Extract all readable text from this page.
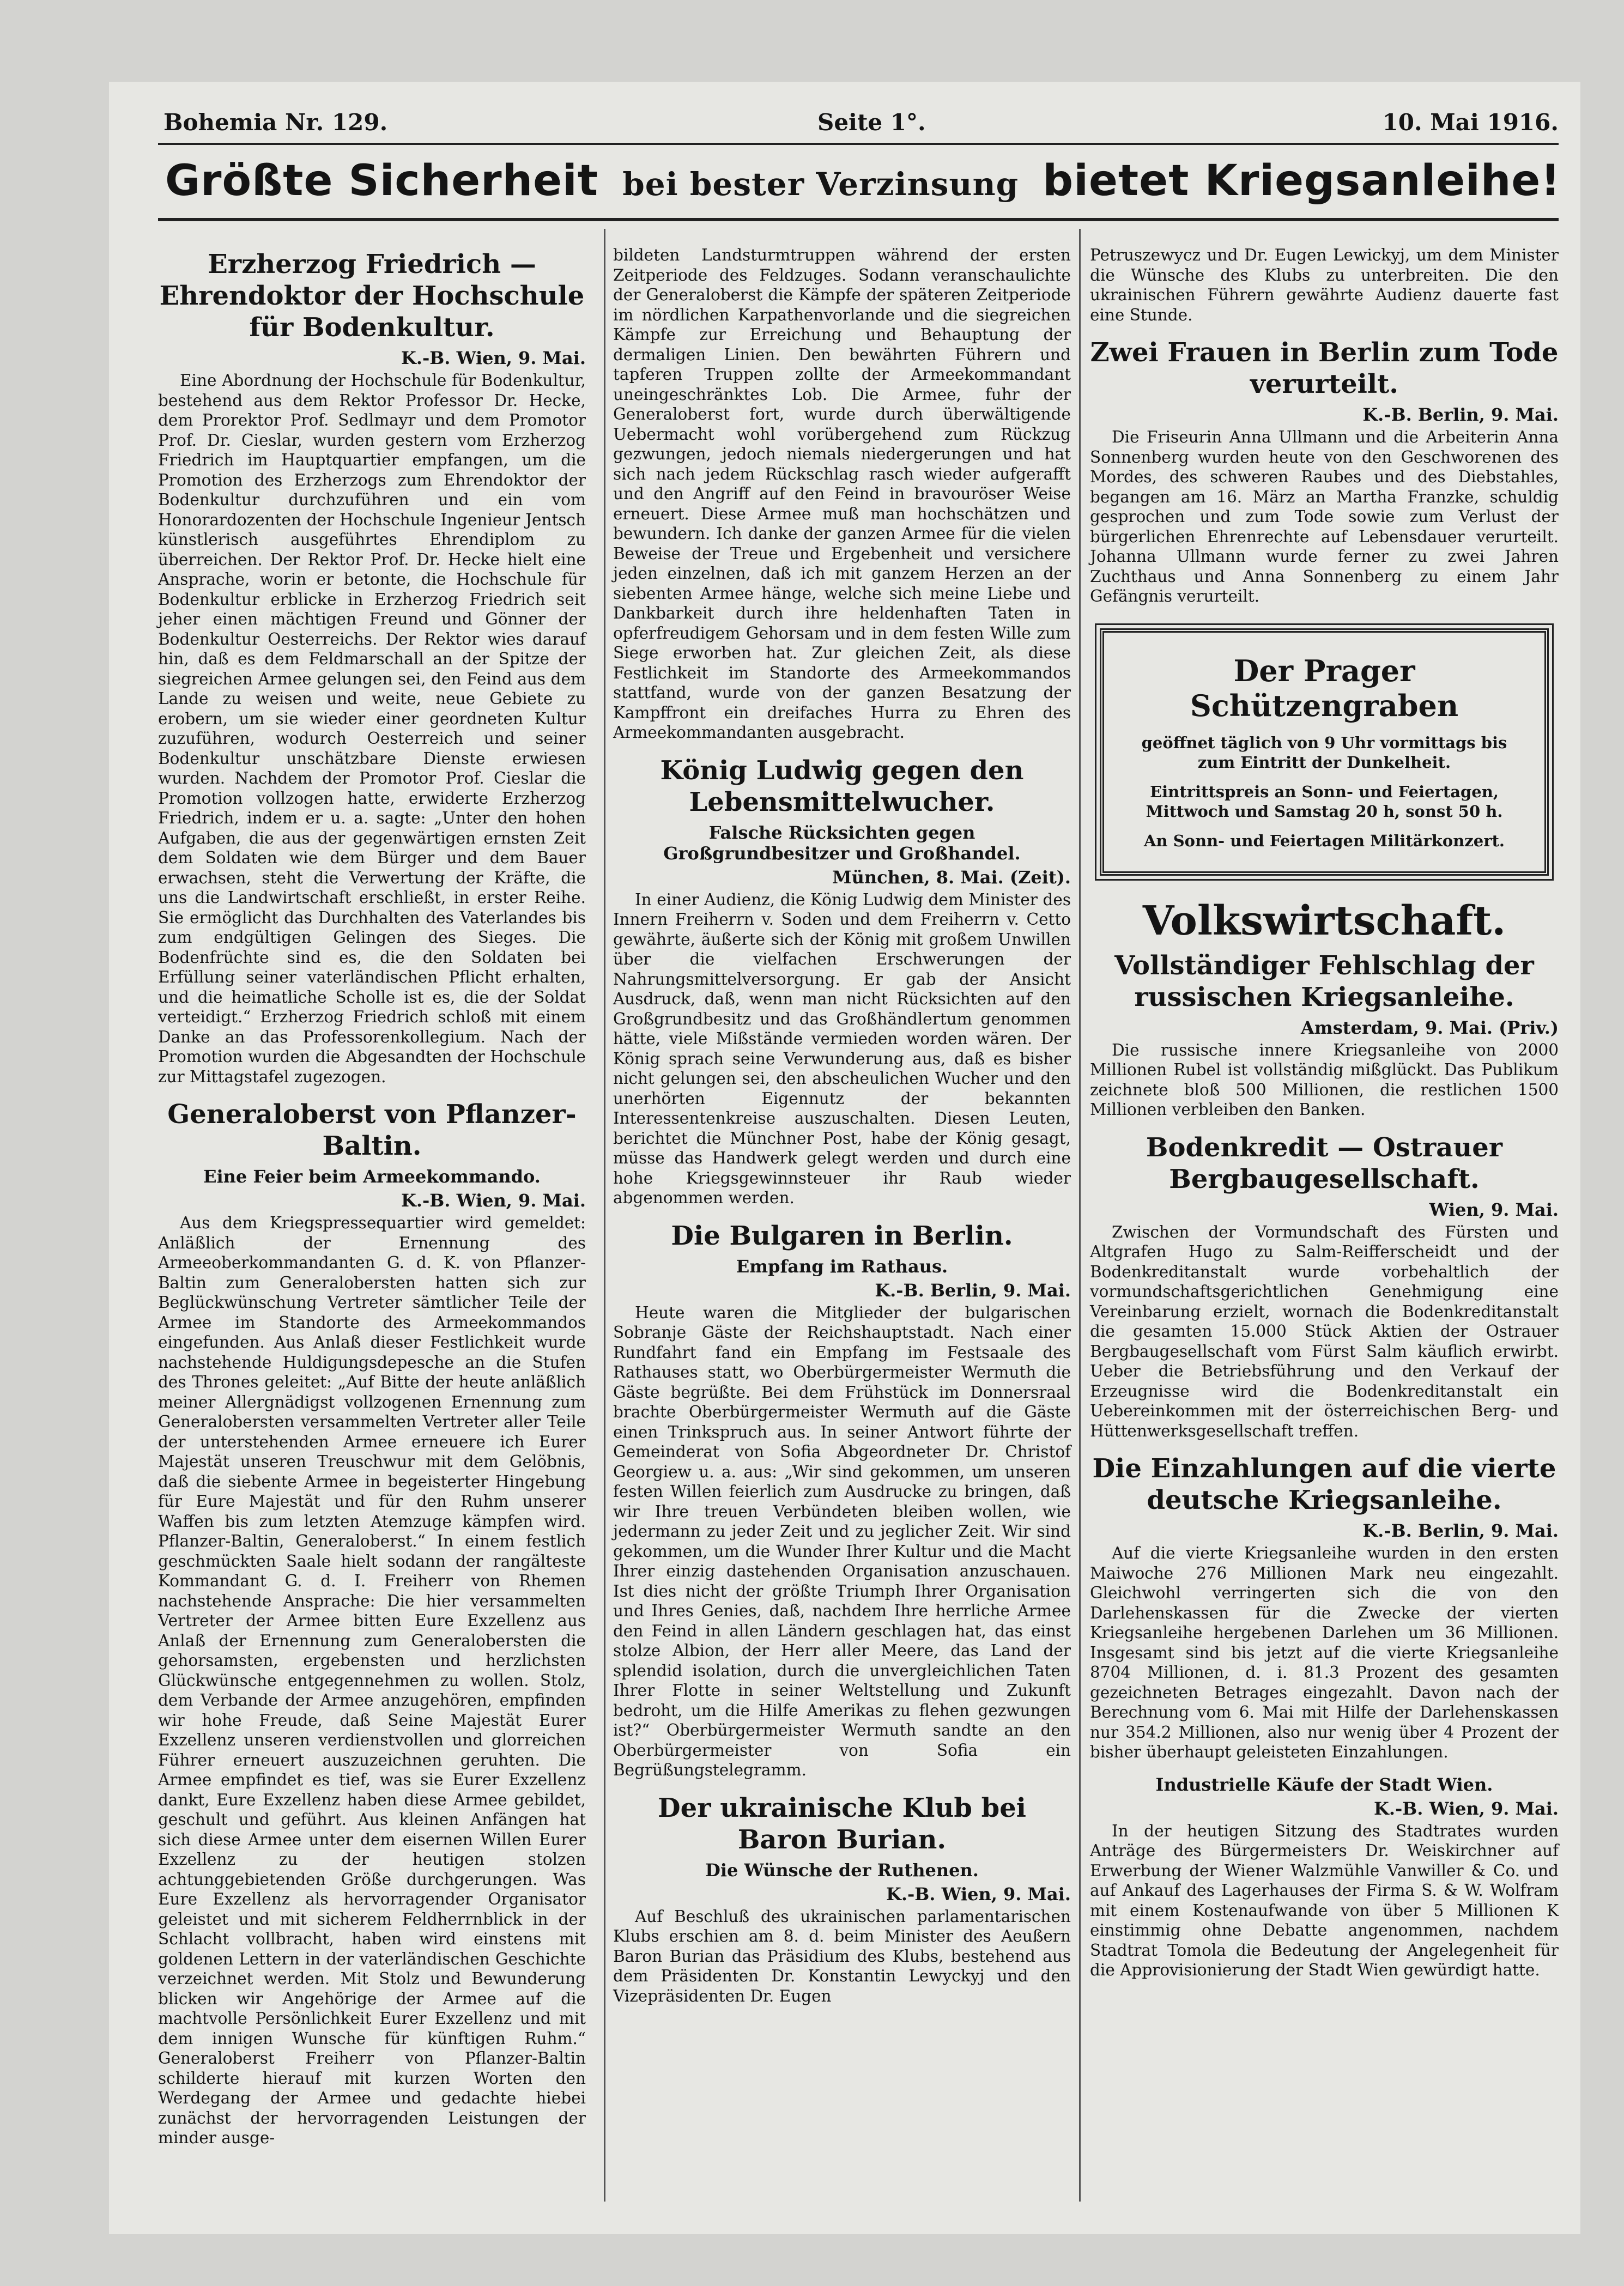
Bohemia Nr. 129.	Seite 1°.	10. Mai 1916.
Größte Sicherheit bei bester Verzinsung bietet Kriegsanleihe!
Erzherzog Friedrich — Ehrendoktor der Hochschule für Bodenkultur.
K.-B. Wien, 9. Mai.

Eine Abordnung der Hochschule für Bodenkultur, bestehend aus dem Rektor Professor Dr. Hecke, dem Prorektor Prof. Sedlmayr und dem Promotor Prof. Dr. Cieslar, wurden gestern vom Erzherzog Friedrich im Hauptquartier empfangen, um die Promotion des Erzherzogs zum Ehrendoktor der Bodenkultur durchzuführen und ein vom Honorardozenten der Hochschule Ingenieur Jentsch künstlerisch ausgeführtes Ehrendiplom zu überreichen. Der Rektor Prof. Dr. Hecke hielt eine Ansprache, worin er betonte, die Hochschule für Bodenkultur erblicke in Erzherzog Friedrich seit jeher einen mächtigen Freund und Gönner der Bodenkultur Oesterreichs. Der Rektor wies darauf hin, daß es dem Feldmarschall an der Spitze der siegreichen Armee gelungen sei, den Feind aus dem Lande zu weisen und weite, neue Gebiete zu erobern, um sie wieder einer geordneten Kultur zuzuführen, wodurch Oesterreich und seiner Bodenkultur unschätzbare Dienste erwiesen wurden. Nachdem der Promotor Prof. Cieslar die Promotion vollzogen hatte, erwiderte Erzherzog Friedrich, indem er u. a. sagte: „Unter den hohen Aufgaben, die aus der gegenwärtigen ernsten Zeit dem Soldaten wie dem Bürger und dem Bauer erwachsen, steht die Verwertung der Kräfte, die uns die Landwirtschaft erschließt, in erster Reihe. Sie ermöglicht das Durchhalten des Vaterlandes bis zum endgültigen Gelingen des Sieges. Die Bodenfrüchte sind es, die den Soldaten bei Erfüllung seiner vaterländischen Pflicht erhalten, und die heimatliche Scholle ist es, die der Soldat verteidigt.“ Erzherzog Friedrich schloß mit einem Danke an das Professorenkollegium. Nach der Promotion wurden die Abgesandten der Hochschule zur Mittagstafel zugezogen.

Generaloberst von Pflanzer-Baltin.
Eine Feier beim Armeekommando.
K.-B. Wien, 9. Mai.

Aus dem Kriegspressequartier wird gemeldet: Anläßlich der Ernennung des Armeeoberkommandanten G. d. K. von Pflanzer-Baltin zum Generalobersten hatten sich zur Beglückwünschung Vertreter sämtlicher Teile der Armee im Standorte des Armeekommandos eingefunden. Aus Anlaß dieser Festlichkeit wurde nachstehende Huldigungsdepesche an die Stufen des Thrones geleitet: „Auf Bitte der heute anläßlich meiner Allergnädigst vollzogenen Ernennung zum Generalobersten versammelten Vertreter aller Teile der unterstehenden Armee erneuere ich Eurer Majestät unseren Treuschwur mit dem Gelöbnis, daß die siebente Armee in begeisterter Hingebung für Eure Majestät und für den Ruhm unserer Waffen bis zum letzten Atemzuge kämpfen wird. Pflanzer-Baltin, Generaloberst.“ In einem festlich geschmückten Saale hielt sodann der rangälteste Kommandant G. d. I. Freiherr von Rhemen nachstehende Ansprache: Die hier versammelten Vertreter der Armee bitten Eure Exzellenz aus Anlaß der Ernennung zum Generalobersten die gehorsamsten, ergebensten und herzlichsten Glückwünsche entgegennehmen zu wollen. Stolz, dem Verbande der Armee anzugehören, empfinden wir hohe Freude, daß Seine Majestät Eurer Exzellenz unseren verdienstvollen und glorreichen Führer erneuert auszuzeichnen geruhten. Die Armee empfindet es tief, was sie Eurer Exzellenz dankt, Eure Exzellenz haben diese Armee gebildet, geschult und geführt. Aus kleinen Anfängen hat sich diese Armee unter dem eisernen Willen Eurer Exzellenz zu der heutigen stolzen achtunggebietenden Größe durchgerungen. Was Eure Exzellenz als hervorragender Organisator geleistet und mit sicherem Feldherrnblick in der Schlacht vollbracht, haben wird einstens mit goldenen Lettern in der vaterländischen Geschichte verzeichnet werden. Mit Stolz und Bewunderung blicken wir Angehörige der Armee auf die machtvolle Persönlichkeit Eurer Exzellenz und mit dem innigen Wunsche für künftigen Ruhm.“ Generaloberst Freiherr von Pflanzer-Baltin schilderte hierauf mit kurzen Worten den Werdegang der Armee und gedachte hiebei zunächst der hervorragenden Leistungen der minder ausge-

bildeten Landsturmtruppen während der ersten Zeitperiode des Feldzuges. Sodann veranschaulichte der Generaloberst die Kämpfe der späteren Zeitperiode im nördlichen Karpathenvorlande und die siegreichen Kämpfe zur Erreichung und Behauptung der dermaligen Linien. Den bewährten Führern und tapferen Truppen zollte der Armeekommandant uneingeschränktes Lob. Die Armee, fuhr der Generaloberst fort, wurde durch überwältigende Uebermacht wohl vorübergehend zum Rückzug gezwungen, jedoch niemals niedergerungen und hat sich nach jedem Rückschlag rasch wieder aufgerafft und den Angriff auf den Feind in bravouröser Weise erneuert. Diese Armee muß man hochschätzen und bewundern. Ich danke der ganzen Armee für die vielen Beweise der Treue und Ergebenheit und versichere jeden einzelnen, daß ich mit ganzem Herzen an der siebenten Armee hänge, welche sich meine Liebe und Dankbarkeit durch ihre heldenhaften Taten in opferfreudigem Gehorsam und in dem festen Wille zum Siege erworben hat. Zur gleichen Zeit, als diese Festlichkeit im Standorte des Armeekommandos stattfand, wurde von der ganzen Besatzung der Kampffront ein dreifaches Hurra zu Ehren des Armeekommandanten ausgebracht.

König Ludwig gegen den Lebensmittelwucher.
Falsche Rücksichten gegen Großgrundbesitzer und Großhandel.
München, 8. Mai. (Zeit).

In einer Audienz, die König Ludwig dem Minister des Innern Freiherrn v. Soden und dem Freiherrn v. Cetto gewährte, äußerte sich der König mit großem Unwillen über die vielfachen Erschwerungen der Nahrungsmittelversorgung. Er gab der Ansicht Ausdruck, daß, wenn man nicht Rücksichten auf den Großgrundbesitz und das Großhändlertum genommen hätte, viele Mißstände vermieden worden wären. Der König sprach seine Verwunderung aus, daß es bisher nicht gelungen sei, den abscheulichen Wucher und den unerhörten Eigennutz der bekannten Interessentenkreise auszuschalten. Diesen Leuten, berichtet die Münchner Post, habe der König gesagt, müsse das Handwerk gelegt werden und durch eine hohe Kriegsgewinnsteuer ihr Raub wieder abgenommen werden.

Die Bulgaren in Berlin.
Empfang im Rathaus.
K.-B. Berlin, 9. Mai.

Heute waren die Mitglieder der bulgarischen Sobranje Gäste der Reichshauptstadt. Nach einer Rundfahrt fand ein Empfang im Festsaale des Rathauses statt, wo Oberbürgermeister Wermuth die Gäste begrüßte. Bei dem Frühstück im Donnersraal brachte Oberbürgermeister Wermuth auf die Gäste einen Trinkspruch aus. In seiner Antwort führte der Gemeinderat von Sofia Abgeordneter Dr. Christof Georgiew u. a. aus: „Wir sind gekommen, um unseren festen Willen feierlich zum Ausdrucke zu bringen, daß wir Ihre treuen Verbündeten bleiben wollen, wie jedermann zu jeder Zeit und zu jeglicher Zeit. Wir sind gekommen, um die Wunder Ihrer Kultur und die Macht Ihrer einzig dastehenden Organisation anzuschauen. Ist dies nicht der größte Triumph Ihrer Organisation und Ihres Genies, daß, nachdem Ihre herrliche Armee den Feind in allen Ländern geschlagen hat, das einst stolze Albion, der Herr aller Meere, das Land der splendid isolation, durch die unvergleichlichen Taten Ihrer Flotte in seiner Weltstellung und Zukunft bedroht, um die Hilfe Amerikas zu flehen gezwungen ist?“ Oberbürgermeister Wermuth sandte an den Oberbürgermeister von Sofia ein Begrüßungstelegramm.

Der ukrainische Klub bei Baron Burian.
Die Wünsche der Ruthenen.
K.-B. Wien, 9. Mai.

Auf Beschluß des ukrainischen parlamentarischen Klubs erschien am 8. d. beim Minister des Aeußern Baron Burian das Präsidium des Klubs, bestehend aus dem Präsidenten Dr. Konstantin Lewyckyj und den Vizepräsidenten Dr. Eugen

Petruszewycz und Dr. Eugen Lewickyj, um dem Minister die Wünsche des Klubs zu unterbreiten. Die den ukrainischen Führern gewährte Audienz dauerte fast eine Stunde.

Zwei Frauen in Berlin zum Tode verurteilt.
K.-B. Berlin, 9. Mai.

Die Friseurin Anna Ullmann und die Arbeiterin Anna Sonnenberg wurden heute von den Geschworenen des Mordes, des schweren Raubes und des Diebstahles, begangen am 16. März an Martha Franzke, schuldig gesprochen und zum Tode sowie zum Verlust der bürgerlichen Ehrenrechte auf Lebensdauer verurteilt. Johanna Ullmann wurde ferner zu zwei Jahren Zuchthaus und Anna Sonnenberg zu einem Jahr Gefängnis verurteilt.

Der Prager Schützengraben

geöffnet täglich von 9 Uhr vormittags bis

zum Eintritt der Dunkelheit.

Eintrittspreis an Sonn- und Feiertagen,

Mittwoch und Samstag 20 h, sonst 50 h.

An Sonn- und Feiertagen Militärkonzert.

Volkswirtschaft.
Vollständiger Fehlschlag der russischen Kriegsanleihe.
Amsterdam, 9. Mai. (Priv.)

Die russische innere Kriegsanleihe von 2000 Millionen Rubel ist vollständig mißglückt. Das Publikum zeichnete bloß 500 Millionen, die restlichen 1500 Millionen verbleiben den Banken.

Bodenkredit — Ostrauer Bergbaugesellschaft.
Wien, 9. Mai.

Zwischen der Vormundschaft des Fürsten und Altgrafen Hugo zu Salm-Reifferscheidt und der Bodenkreditanstalt wurde vorbehaltlich der vormundschaftsgerichtlichen Genehmigung eine Vereinbarung erzielt, wornach die Bodenkreditanstalt die gesamten 15.000 Stück Aktien der Ostrauer Bergbaugesellschaft vom Fürst Salm käuflich erwirbt. Ueber die Betriebsführung und den Verkauf der Erzeugnisse wird die Bodenkreditanstalt ein Uebereinkommen mit der österreichischen Berg- und Hüttenwerksgesellschaft treffen.

Die Einzahlungen auf die vierte deutsche Kriegsanleihe.
K.-B. Berlin, 9. Mai.

Auf die vierte Kriegsanleihe wurden in den ersten Maiwoche 276 Millionen Mark neu eingezahlt. Gleichwohl verringerten sich die von den Darlehenskassen für die Zwecke der vierten Kriegsanleihe hergebenen Darlehen um 36 Millionen. Insgesamt sind bis jetzt auf die vierte Kriegsanleihe 8704 Millionen, d. i. 81.3 Prozent des gesamten gezeichneten Betrages eingezahlt. Davon nach der Berechnung vom 6. Mai mit Hilfe der Darlehenskassen nur 354.2 Millionen, also nur wenig über 4 Prozent der bisher überhaupt geleisteten Einzahlungen.

Industrielle Käufe der Stadt Wien.
K.-B. Wien, 9. Mai.

In der heutigen Sitzung des Stadtrates wurden Anträge des Bürgermeisters Dr. Weiskirchner auf Erwerbung der Wiener Walzmühle Vanwiller & Co. und auf Ankauf des Lagerhauses der Firma S. & W. Wolfram mit einem Kostenaufwande von über 5 Millionen K einstimmig ohne Debatte angenommen, nachdem Stadtrat Tomola die Bedeutung der Angelegenheit für die Approvisionierung der Stadt Wien gewürdigt hatte.
